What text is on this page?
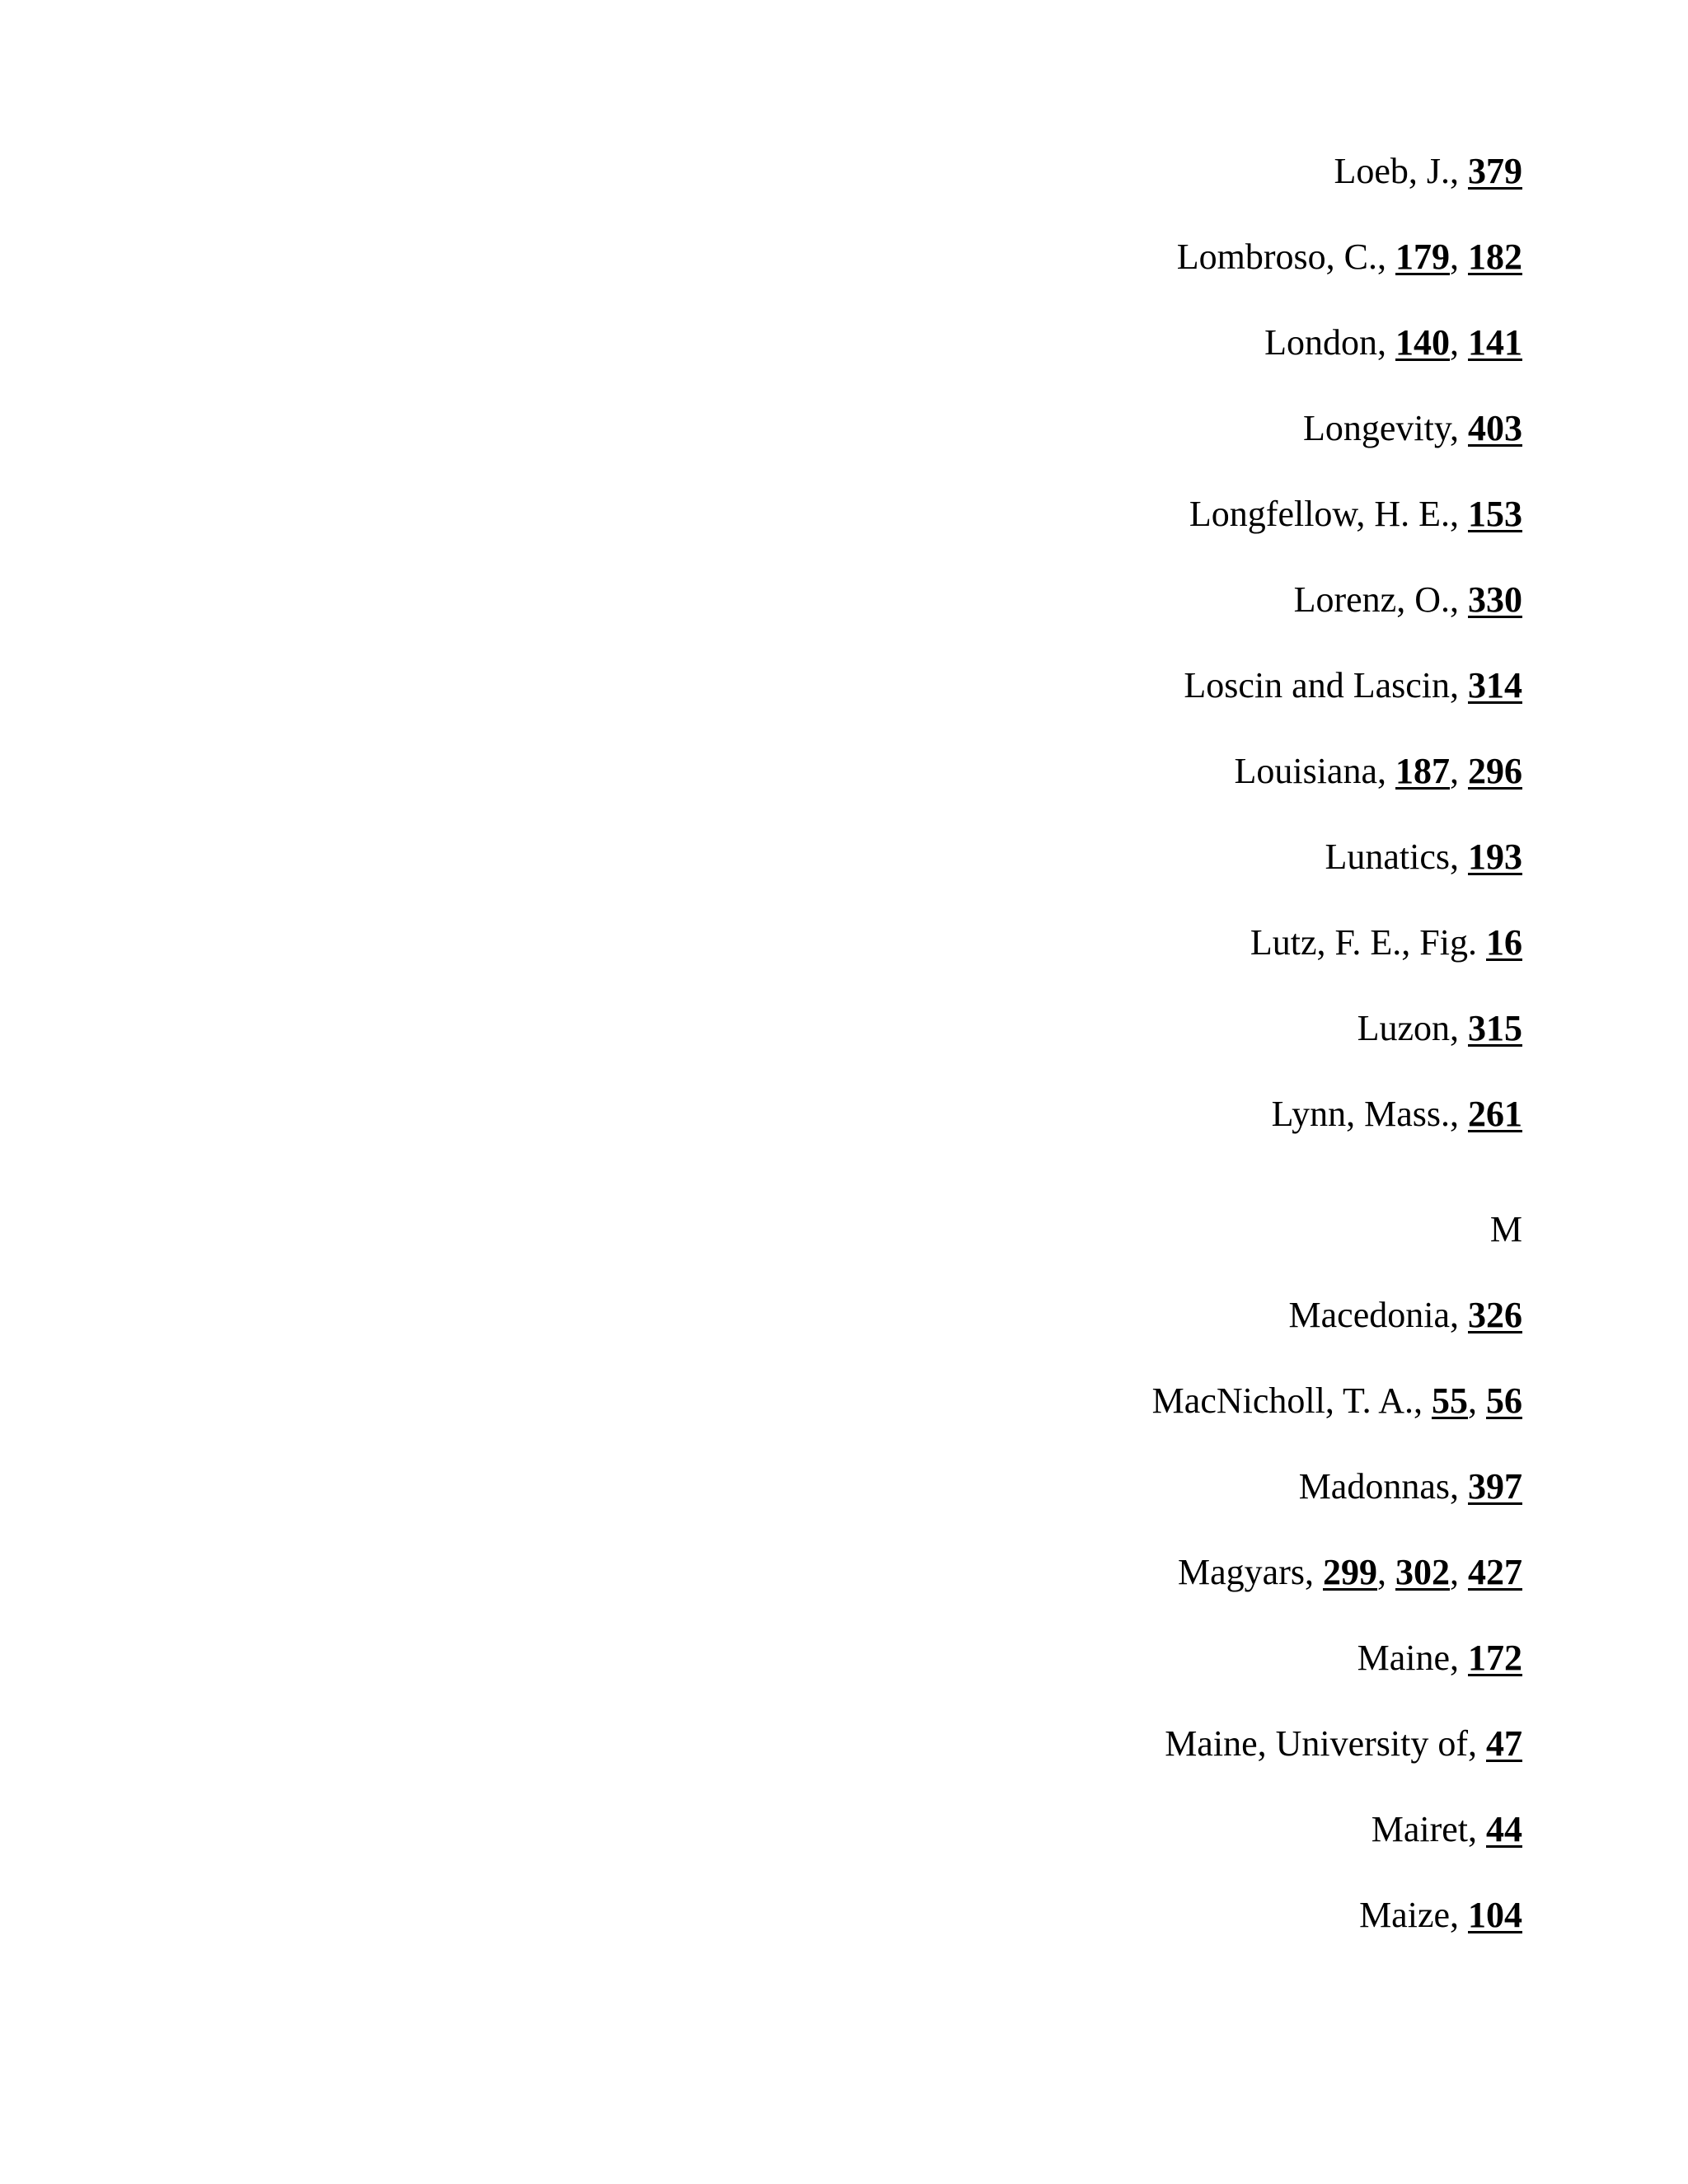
Loeb, J., 379
Lombroso, C., 179, 182
London, 140, 141
Longevity, 403
Longfellow, H. E., 153
Lorenz, O., 330
Loscin and Lascin, 314
Louisiana, 187, 296
Lunatics, 193
Lutz, F. E., Fig. 16
Luzon, 315
Lynn, Mass., 261
M
Macedonia, 326
MacNicholl, T. A., 55, 56
Madonnas, 397
Magyars, 299, 302, 427
Maine, 172
Maine, University of, 47
Mairet, 44
Maize, 104
